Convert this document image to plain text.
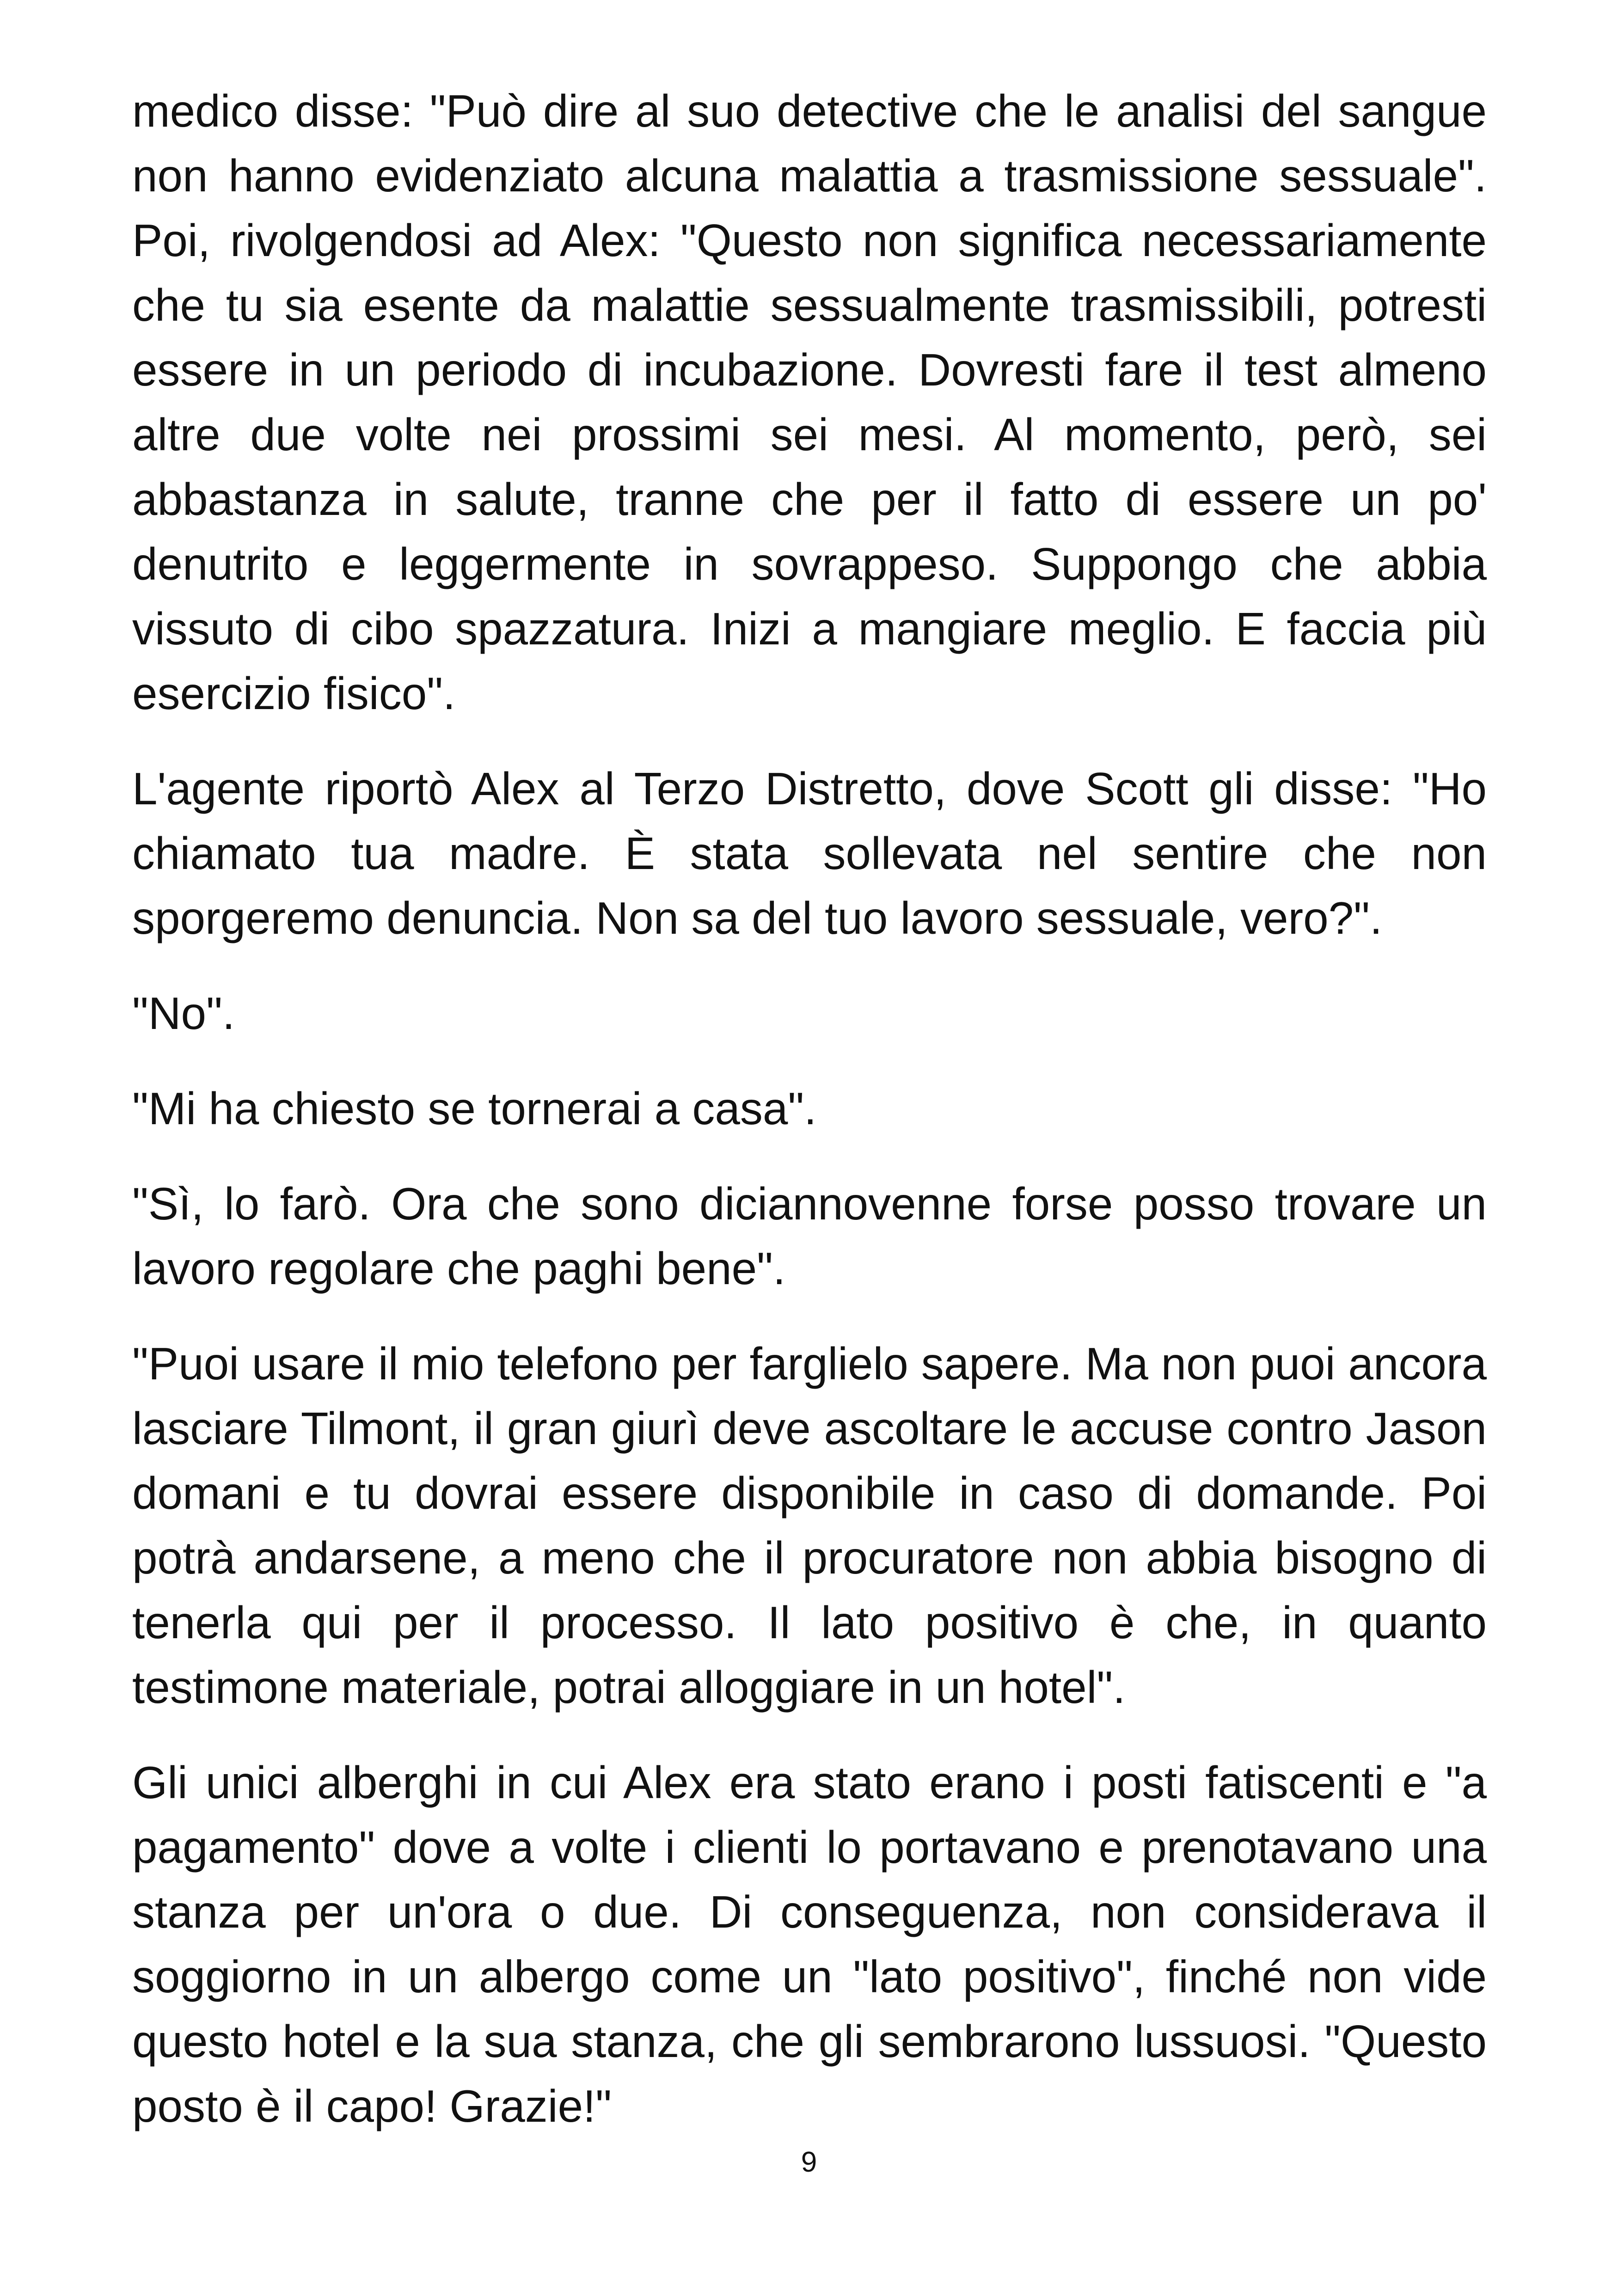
medico disse: "Può dire al suo detective che le analisi del sangue non hanno evidenziato alcuna malattia a trasmissione sessuale". Poi, rivolgendosi ad Alex: "Questo non significa necessariamente che tu sia esente da malattie sessualmente trasmissibili, potresti essere in un periodo di incubazione. Dovresti fare il test almeno altre due volte nei prossimi sei mesi. Al momento, però, sei abbastanza in salute, tranne che per il fatto di essere un po' denutrito e leggermente in sovrappeso. Suppongo che abbia vissuto di cibo spazzatura. Inizi a mangiare meglio. E faccia più esercizio fisico".

L'agente riportò Alex al Terzo Distretto, dove Scott gli disse: "Ho chiamato tua madre. È stata sollevata nel sentire che non sporgeremo denuncia. Non sa del tuo lavoro sessuale, vero?".

"No".

"Mi ha chiesto se tornerai a casa".

"Sì, lo farò. Ora che sono diciannovenne forse posso trovare un lavoro regolare che paghi bene".

"Puoi usare il mio telefono per farglielo sapere. Ma non puoi ancora lasciare Tilmont, il gran giurì deve ascoltare le accuse contro Jason domani e tu dovrai essere disponibile in caso di domande. Poi potrà andarsene, a meno che il procuratore non abbia bisogno di tenerla qui per il processo. Il lato positivo è che, in quanto testimone materiale, potrai alloggiare in un hotel".

Gli unici alberghi in cui Alex era stato erano i posti fatiscenti e "a pagamento" dove a volte i clienti lo portavano e prenotavano una stanza per un'ora o due. Di conseguenza, non considerava il soggiorno in un albergo come un "lato positivo", finché non vide questo hotel e la sua stanza, che gli sembrarono lussuosi. "Questo posto è il capo! Grazie!"

9
